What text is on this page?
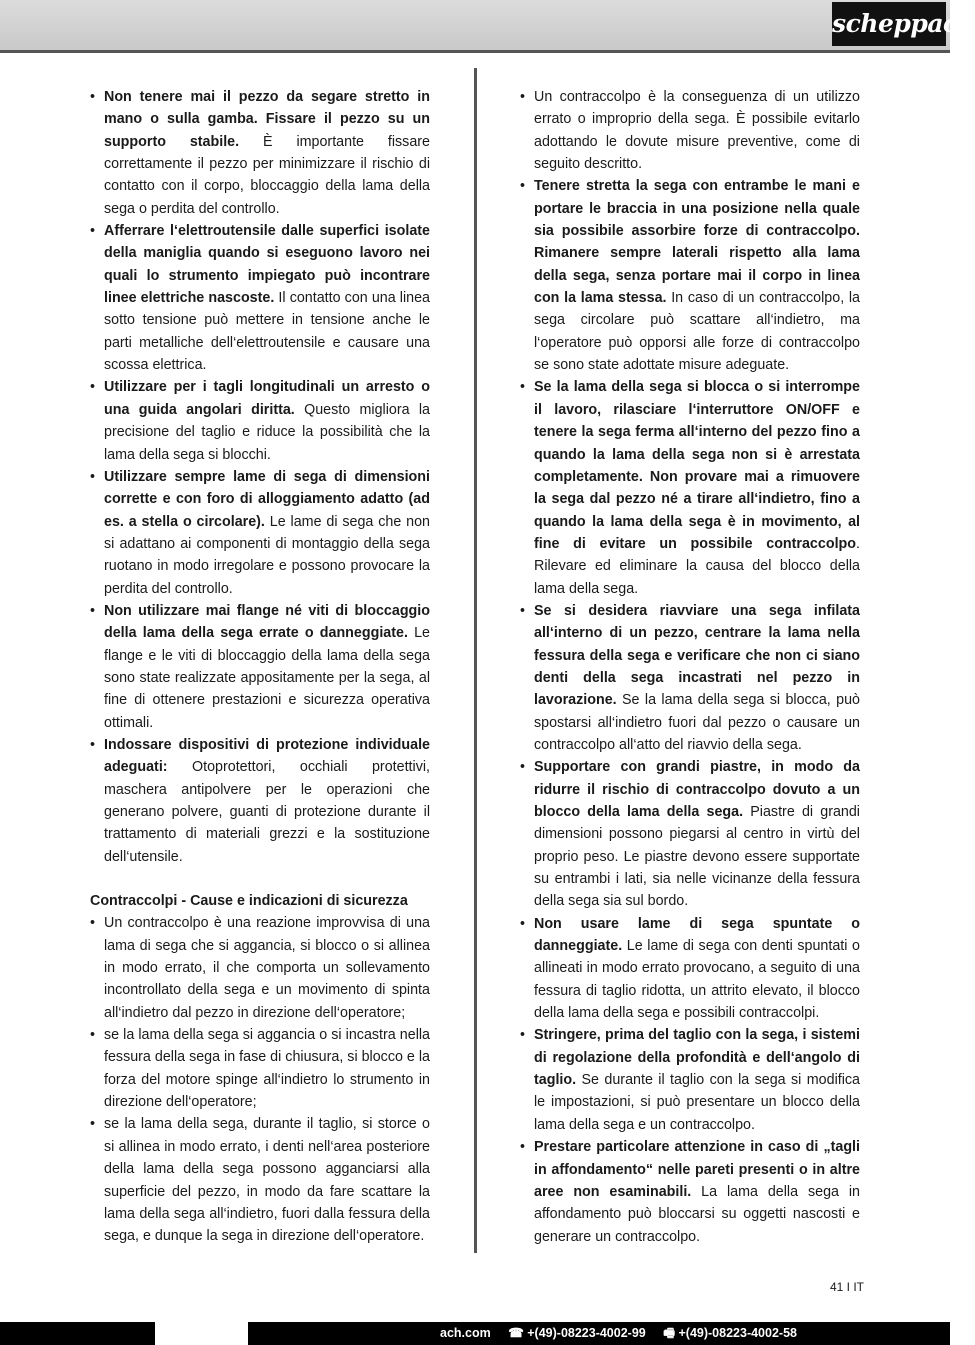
scheppach
• Non tenere mai il pezzo da segare stretto in mano o sulla gamba. Fissare il pezzo su un supporto stabile. È importante fissare correttamente il pezzo per minimizzare il rischio di contatto con il corpo, bloccaggio della lama della sega o perdita del controllo.
• Afferrare l‘elettroutensile dalle superfici isolate della maniglia quando si eseguono lavoro nei quali lo strumento impiegato può incontrare linee elettriche nascoste. Il contatto con una linea sotto tensione può mettere in tensione anche le parti metalliche dell‘elettroutensile e causare una scossa elettrica.
• Utilizzare per i tagli longitudinali un arresto o una guida angolari diritta. Questo migliora la precisione del taglio e riduce la possibilità che la lama della sega si blocchi.
• Utilizzare sempre lame di sega di dimensioni corrette e con foro di alloggiamento adatto (ad es. a stella o circolare). Le lame di sega che non si adattano ai componenti di montaggio della sega ruotano in modo irregolare e possono provocare la perdita del controllo.
• Non utilizzare mai flange né viti di bloccaggio della lama della sega errate o danneggiate. Le flange e le viti di bloccaggio della lama della sega sono state realizzate appositamente per la sega, al fine di ottenere prestazioni e sicurezza operativa ottimali.
• Indossare dispositivi di protezione individuale adeguati: Otoprotettori, occhiali protettivi, maschera antipolvere per le operazioni che generano polvere, guanti di protezione durante il trattamento di materiali grezzi e la sostituzione dell‘utensile.
Contraccolpi - Cause e indicazioni di sicurezza
• Un contraccolpo è una reazione improvvisa di una lama di sega che si aggancia, si blocco o si allinea in modo errato, il che comporta un sollevamento incontrollato della sega e un movimento di spinta all‘indietro dal pezzo in direzione dell‘operatore;
• se la lama della sega si aggancia o si incastra nella fessura della sega in fase di chiusura, si blocco e la forza del motore spinge all‘indietro lo strumento in direzione dell‘operatore;
• se la lama della sega, durante il taglio, si storce o si allinea in modo errato, i denti nell‘area posteriore della lama della sega possono agganciarsi alla superficie del pezzo, in modo da fare scattare la lama della sega all‘indietro, fuori dalla fessura della sega, e dunque la sega in direzione dell‘operatore.
• Un contraccolpo è la conseguenza di un utilizzo errato o improprio della sega. È possibile evitarlo adottando le dovute misure preventive, come di seguito descritto.
• Tenere stretta la sega con entrambe le mani e portare le braccia in una posizione nella quale sia possibile assorbire forze di contraccolpo. Rimanere sempre laterali rispetto alla lama della sega, senza portare mai il corpo in linea con la lama stessa. In caso di un contraccolpo, la sega circolare può scattare all‘indietro, ma l‘operatore può opporsi alle forze di contraccolpo se sono state adottate misure adeguate.
• Se la lama della sega si blocca o si interrompe il lavoro, rilasciare l‘interruttore ON/OFF e tenere la sega ferma all‘interno del pezzo fino a quando la lama della sega non si è arrestata completamente. Non provare mai a rimuovere la sega dal pezzo né a tirare all‘indietro, fino a quando la lama della sega è in movimento, al fine di evitare un possibile contraccolpo. Rilevare ed eliminare la causa del blocco della lama della sega.
• Se si desidera riavviare una sega infilata all‘interno di un pezzo, centrare la lama nella fessura della sega e verificare che non ci siano denti della sega incastrati nel pezzo in lavorazione. Se la lama della sega si blocca, può spostarsi all‘indietro fuori dal pezzo o causare un contraccolpo all‘atto del riavvio della sega.
• Supportare con grandi piastre, in modo da ridurre il rischio di contraccolpo dovuto a un blocco della lama della sega. Piastre di grandi dimensioni possono piegarsi al centro in virtù del proprio peso. Le piastre devono essere supportate su entrambi i lati, sia nelle vicinanze della fessura della sega sia sul bordo.
• Non usare lame di sega spuntate o danneggiate. Le lame di sega con denti spuntati o allineati in modo errato provocano, a seguito di una fessura di taglio ridotta, un attrito elevato, il blocco della lama della sega e possibili contraccolpi.
• Stringere, prima del taglio con la sega, i sistemi di regolazione della profondità e dell‘angolo di taglio. Se durante il taglio con la sega si modifica le impostazioni, si può presentare un blocco della lama della sega e un contraccolpo.
• Prestare particolare attenzione in caso di „tagli in affondamento“ nelle pareti presenti o in altre aree non esaminabili. La lama della sega in affondamento può bloccarsi su oggetti nascosti e generare un contraccolpo.
41 I IT
ach.com ☎ +(49)-08223-4002-99 🖷 +(49)-08223-4002-58
